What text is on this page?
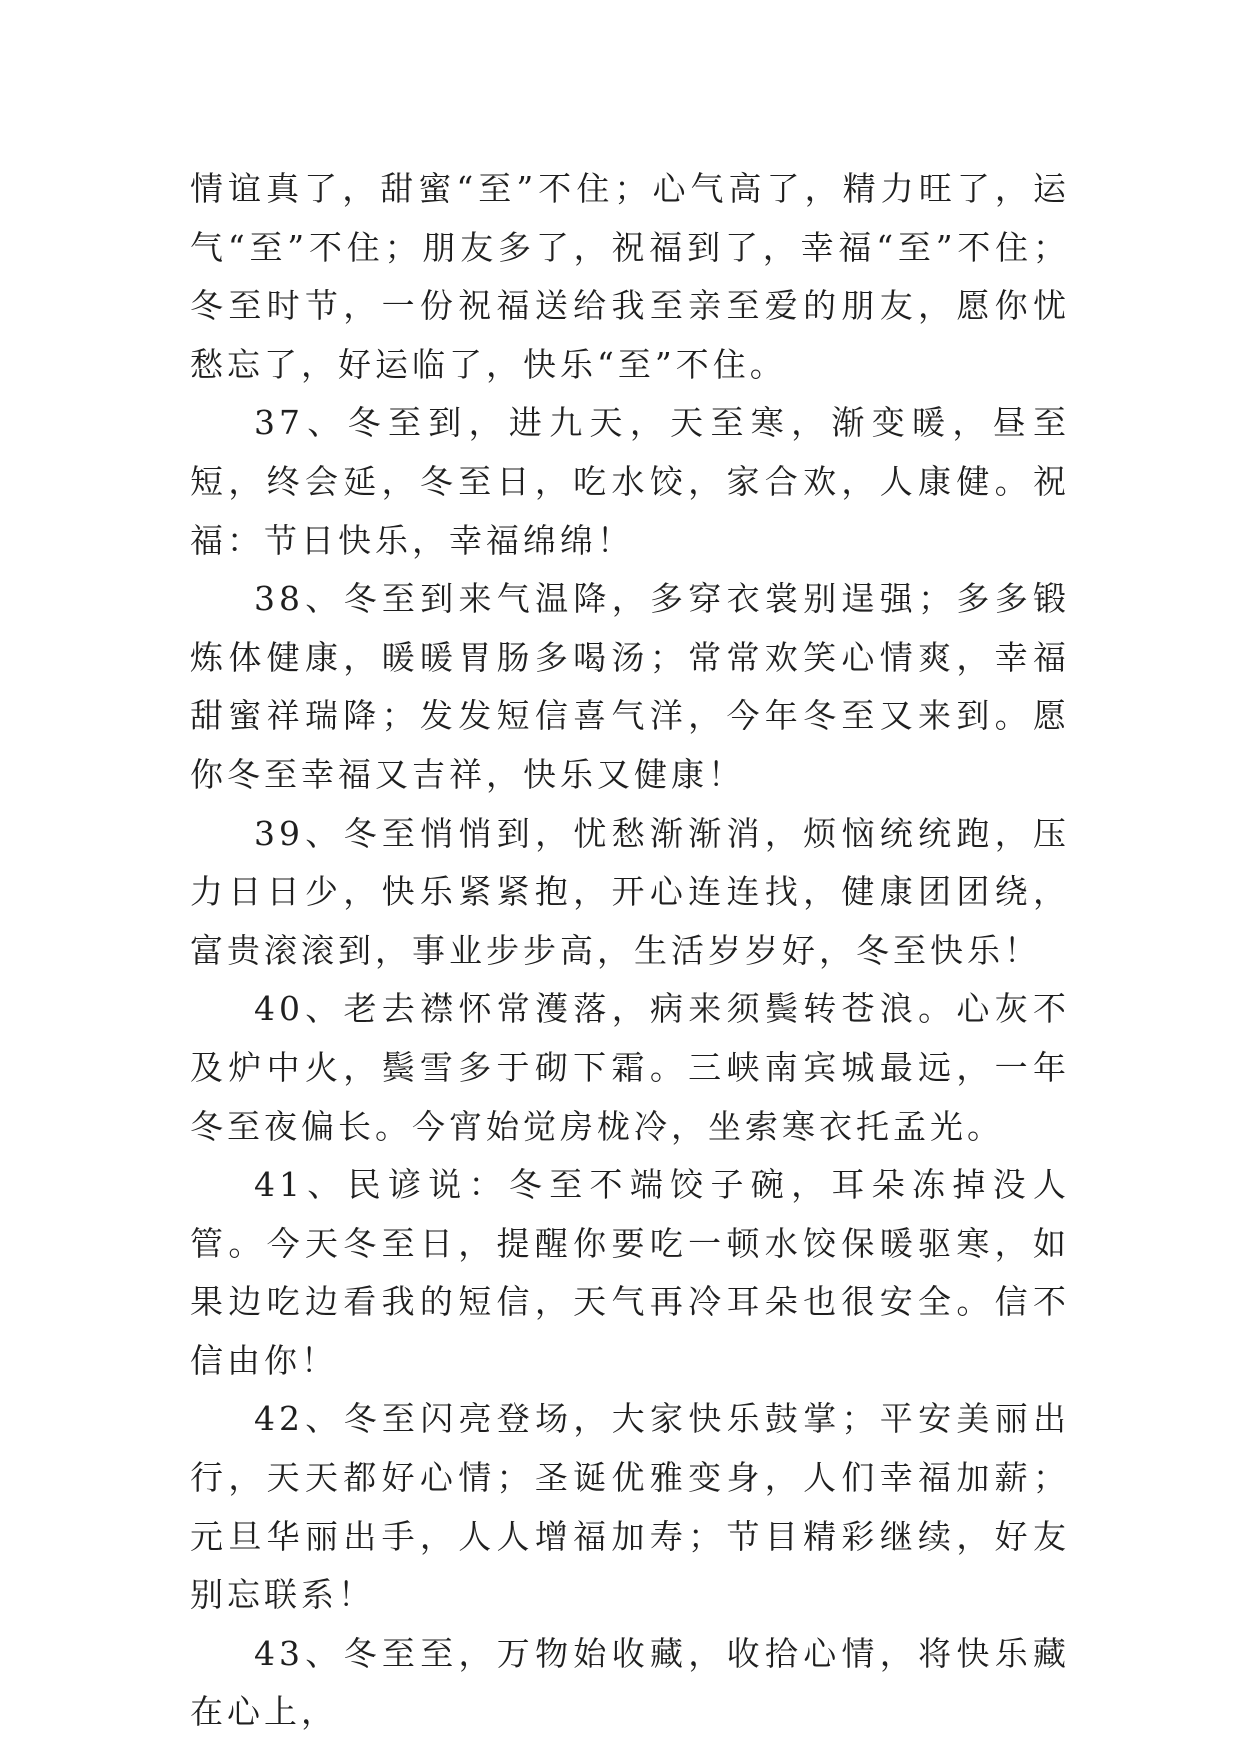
情谊真了，甜蜜“至”不住；心气高了，精力旺了，运气“至”不住；朋友多了，祝福到了，幸福“至”不住；冬至时节，一份祝福送给我至亲至爱的朋友，愿你忧愁忘了，好运临了，快乐“至”不住。

37、冬至到，进九天，天至寒，渐变暖，昼至短，终会延，冬至日，吃水饺，家合欢，人康健。祝福：节日快乐，幸福绵绵！

38、冬至到来气温降，多穿衣裳别逞强；多多锻炼体健康，暖暖胃肠多喝汤；常常欢笑心情爽，幸福甜蜜祥瑞降；发发短信喜气洋，今年冬至又来到。愿你冬至幸福又吉祥，快乐又健康！

39、冬至悄悄到，忧愁渐渐消，烦恼统统跑，压力日日少，快乐紧紧抱，开心连连找，健康团团绕，富贵滚滚到，事业步步高，生活岁岁好，冬至快乐！

40、老去襟怀常濩落，病来须鬓转苍浪。心灰不及炉中火，鬓雪多于砌下霜。三峡南宾城最远，一年冬至夜偏长。今宵始觉房栊冷，坐索寒衣托孟光。

41、民谚说：冬至不端饺子碗，耳朵冻掉没人管。今天冬至日，提醒你要吃一顿水饺保暖驱寒，如果边吃边看我的短信，天气再冷耳朵也很安全。信不信由你！

42、冬至闪亮登场，大家快乐鼓掌；平安美丽出行，天天都好心情；圣诞优雅变身，人们幸福加薪；元旦华丽出手，人人增福加寿；节目精彩继续，好友别忘联系！

43、冬至至，万物始收藏，收拾心情，将快乐藏在心上，
